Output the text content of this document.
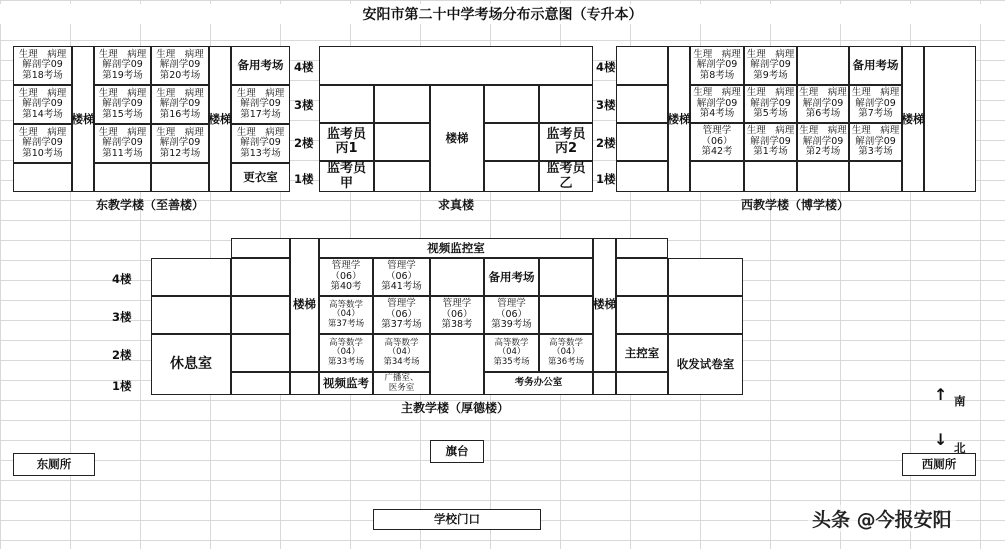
安阳市第二十中学考场分布示意图（专升本）
生理　病理
解剖学09
第18考场
生理　病理
解剖学09
第14考场
生理　病理
解剖学09
第10考场
楼 梯
生理　病理
解剖学09
第19考场
生理　病理
解剖学09
第20考场
生理　病理
解剖学09
第15考场
生理　病理
解剖学09
第16考场
生理　病理
解剖学09
第11考场
生理　病理
解剖学09
第12考场
楼 梯
备用考场
生理　病理
解剖学09
第17考场
生理　病理
解剖学09
第13考场
更衣室
东教学楼（至善楼）
4楼
3楼
2楼
1楼
监考员
丙1
楼梯	监考员
丙2
监考员
甲
监考员
乙
求真楼
4楼
3楼
2楼
1楼
楼 梯
生理　病理
解剖学09
第8考场
生理　病理
解剖学09
第9考场
备用考场
生理　病理
解剖学09
第4考场
生理　病理
解剖学09
第5考场
生理　病理
解剖学09
第6考场
生理　病理
解剖学09
第7考场
管理学
（06）
第42考
生理　病理
解剖学09
第1考场
生理　病理
解剖学09
第2考场
生理　病理
解剖学09
第3考场
楼 梯
西教学楼（博学楼）
4楼
3楼
2楼
1楼
休息室
楼 梯
视频监控室
管理学
（06）
第40考
管理学
（06）
第41考场
备用考场
高等数学
（04）
第37考场
管理学
（06）
第37考场
管理学
（06）
第38考
管理学
（06）
第39考场
高等数学
（04）
第33考场
高等数学
（04）
第34考场
高等数学
（04）
第35考场
高等数学
（04）
第36考场
视频监考	广播室、
医务室	考务办公室
楼 梯
主控室
收发试卷室
主教学楼（厚德楼）
旗台
东厕所	西厕所
学校门口
↑ 南
↓ 北
头条 @今报安阳
